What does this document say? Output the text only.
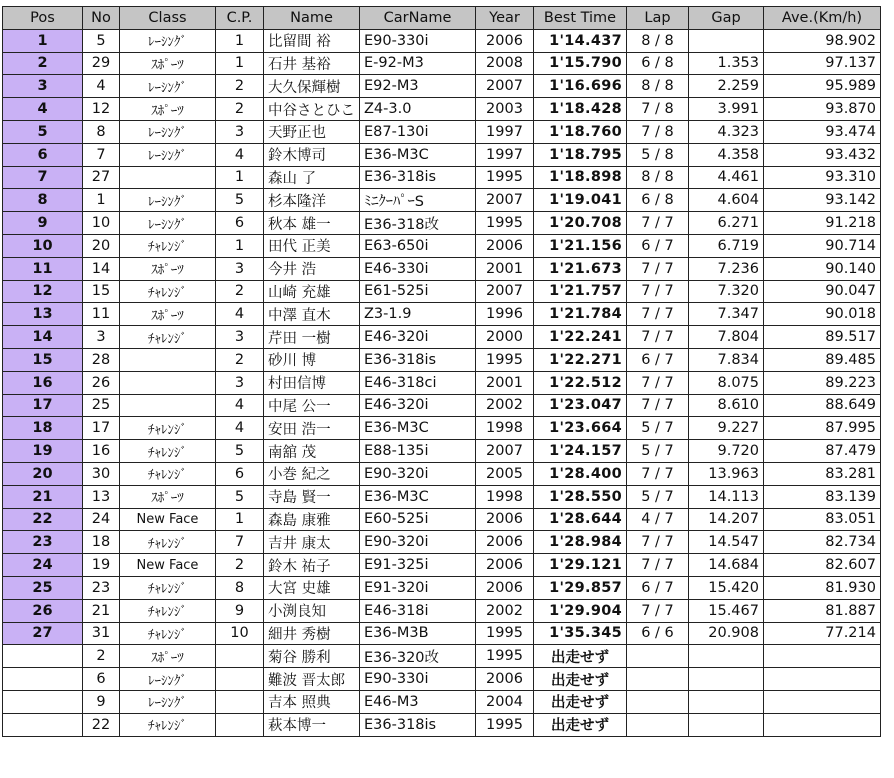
Pos	No	Class	C.P.	Name	CarName	Year	Best Time	Lap	Gap	Ave.(Km/h)
1	5	ﾚｰｼﾝｸﾞ	1	比留間 裕	E90-330i	2006	1'14.437	8 / 8		98.902
2	29	ｽﾎﾟｰﾂ	1	石井 基裕	E-92-M3	2008	1'15.790	6 / 8	1.353	97.137
3	4	ﾚｰｼﾝｸﾞ	2	大久保輝樹	E92-M3	2007	1'16.696	8 / 8	2.259	95.989
4	12	ｽﾎﾟｰﾂ	2	中谷さとひこ	Z4-3.0	2003	1'18.428	7 / 8	3.991	93.870
5	8	ﾚｰｼﾝｸﾞ	3	天野正也	E87-130i	1997	1'18.760	7 / 8	4.323	93.474
6	7	ﾚｰｼﾝｸﾞ	4	鈴木博司	E36-M3C	1997	1'18.795	5 / 8	4.358	93.432
7	27		1	森山 了	E36-318is	1995	1'18.898	8 / 8	4.461	93.310
8	1	ﾚｰｼﾝｸﾞ	5	杉本隆洋	ﾐﾆｸｰﾊﾟｰS	2007	1'19.041	6 / 8	4.604	93.142
9	10	ﾚｰｼﾝｸﾞ	6	秋本 雄一	E36-318改	1995	1'20.708	7 / 7	6.271	91.218
10	20	ﾁｬﾚﾝｼﾞ	1	田代 正美	E63-650i	2006	1'21.156	6 / 7	6.719	90.714
11	14	ｽﾎﾟｰﾂ	3	今井 浩	E46-330i	2001	1'21.673	7 / 7	7.236	90.140
12	15	ﾁｬﾚﾝｼﾞ	2	山崎 充雄	E61-525i	2007	1'21.757	7 / 7	7.320	90.047
13	11	ｽﾎﾟｰﾂ	4	中澤 直木	Z3-1.9	1996	1'21.784	7 / 7	7.347	90.018
14	3	ﾁｬﾚﾝｼﾞ	3	芹田 一樹	E46-320i	2000	1'22.241	7 / 7	7.804	89.517
15	28		2	砂川 博	E36-318is	1995	1'22.271	6 / 7	7.834	89.485
16	26		3	村田信博	E46-318ci	2001	1'22.512	7 / 7	8.075	89.223
17	25		4	中尾 公一	E46-320i	2002	1'23.047	7 / 7	8.610	88.649
18	17	ﾁｬﾚﾝｼﾞ	4	安田 浩一	E36-M3C	1998	1'23.664	5 / 7	9.227	87.995
19	16	ﾁｬﾚﾝｼﾞ	5	南舘 茂	E88-135i	2007	1'24.157	5 / 7	9.720	87.479
20	30	ﾁｬﾚﾝｼﾞ	6	小巻 紀之	E90-320i	2005	1'28.400	7 / 7	13.963	83.281
21	13	ｽﾎﾟｰﾂ	5	寺島 賢一	E36-M3C	1998	1'28.550	5 / 7	14.113	83.139
22	24	New Face	1	森島 康雅	E60-525i	2006	1'28.644	4 / 7	14.207	83.051
23	18	ﾁｬﾚﾝｼﾞ	7	吉井 康太	E90-320i	2006	1'28.984	7 / 7	14.547	82.734
24	19	New Face	2	鈴木 祐子	E91-325i	2006	1'29.121	7 / 7	14.684	82.607
25	23	ﾁｬﾚﾝｼﾞ	8	大宮 史雄	E91-320i	2006	1'29.857	6 / 7	15.420	81.930
26	21	ﾁｬﾚﾝｼﾞ	9	小渕良知	E46-318i	2002	1'29.904	7 / 7	15.467	81.887
27	31	ﾁｬﾚﾝｼﾞ	10	細井 秀樹	E36-M3B	1995	1'35.345	6 / 6	20.908	77.214
	2	ｽﾎﾟｰﾂ		菊谷 勝利	E36-320改	1995	出走せず			
	6	ﾚｰｼﾝｸﾞ		難波 晋太郎	E90-330i	2006	出走せず			
	9	ﾚｰｼﾝｸﾞ		吉本 照典	E46-M3	2004	出走せず			
	22	ﾁｬﾚﾝｼﾞ		萩本博一	E36-318is	1995	出走せず			
